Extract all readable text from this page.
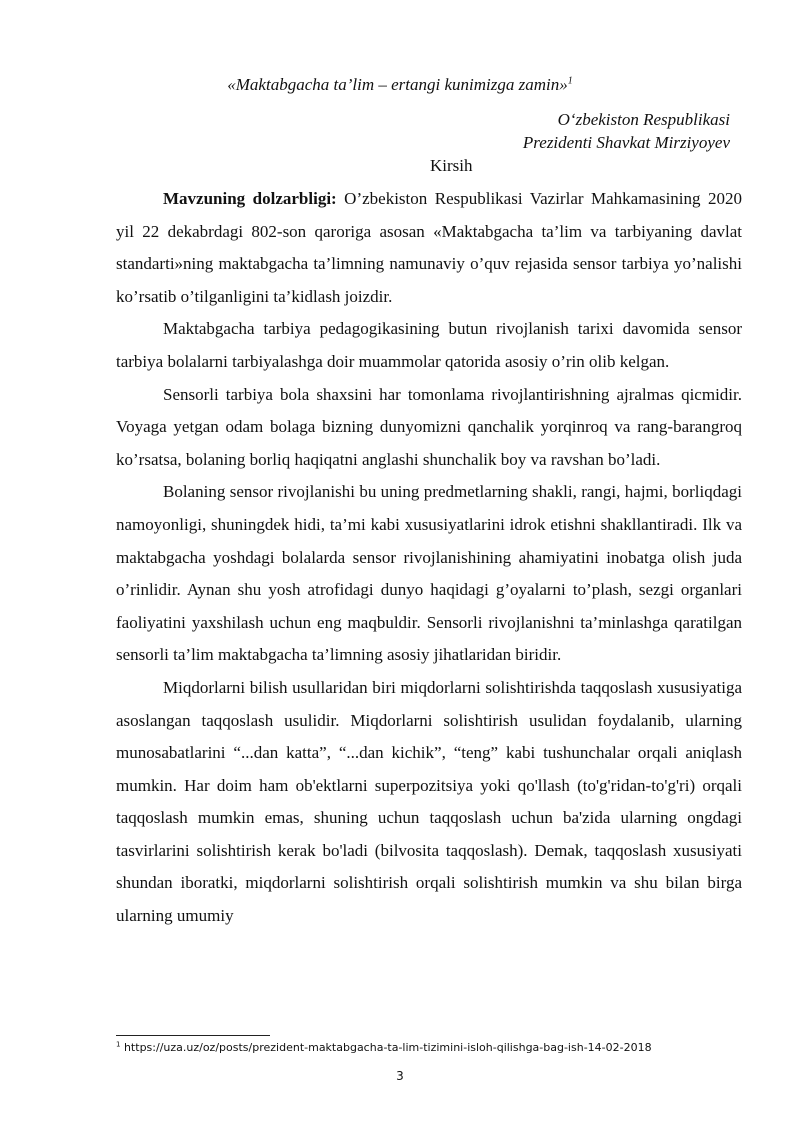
«Maktabgacha ta’lim – ertangi kunimizga zamin»$^1$
O‘zbekiston Respublikasi
Prezidenti Shavkat Mirziyoyev
Kirsih

Mavzuning dolzarbligi: O’zbekiston Respublikasi Vazirlar Mahkamasining 2020 yil 22 dekabrdagi 802-son qaroriga asosan «Maktabgacha ta’lim va tarbiyaning davlat standarti»ning maktabgacha ta’limning namunaviy o’quv rejasida sensor tarbiya yo’nalishi ko’rsatib o’tilganligini ta’kidlash joizdir.

Maktabgacha tarbiya pedagogikasining butun rivojlanish tarixi davomida sensor tarbiya bolalarni tarbiyalashga doir muammolar qatorida asosiy o’rin olib kelgan.

Sensorli tarbiya bola shaxsini har tomonlama rivojlantirishning ajralmas qicmidir. Voyaga yetgan odam bolaga bizning dunyomizni qanchalik yorqinroq va rang-barangroq ko’rsatsa, bolaning borliq haqiqatni anglashi shunchalik boy va ravshan bo’ladi.

Bolaning sensor rivojlanishi bu uning predmetlarning shakli, rangi, hajmi, borliqdagi namoyonligi, shuningdek hidi, ta’mi kabi xususiyatlarini idrok etishni shakllantiradi. Ilk va maktabgacha yoshdagi bolalarda sensor rivojlanishining ahamiyatini inobatga olish juda o’rinlidir. Aynan shu yosh atrofidagi dunyo haqidagi g’oyalarni to’plash, sezgi organlari faoliyatini yaxshilash uchun eng maqbuldir. Sensorli rivojlanishni ta’minlashga qaratilgan sensorli ta’lim maktabgacha ta’limning asosiy jihatlaridan biridir.

Miqdorlarni bilish usullaridan biri miqdorlarni solishtirishda taqqoslash xususiyatiga asoslangan taqqoslash usulidir. Miqdorlarni solishtirish usulidan foydalanib, ularning munosabatlarini “...dan katta”, “...dan kichik”, “teng” kabi tushunchalar orqali aniqlash mumkin. Har doim ham ob'ektlarni superpozitsiya yoki qo'llash (to'g'ridan-to'g'ri) orqali taqqoslash mumkin emas, shuning uchun taqqoslash uchun ba'zida ularning ongdagi tasvirlarini solishtirish kerak bo'ladi (bilvosita taqqoslash). Demak, taqqoslash xususiyati shundan iboratki, miqdorlarni solishtirish orqali solishtirish mumkin va shu bilan birga ularning umumiy

$^1$ https://uza.uz/oz/posts/prezident-maktabgacha-ta-lim-tizimini-isloh-qilishga-bag-ish-14-02-2018
3
